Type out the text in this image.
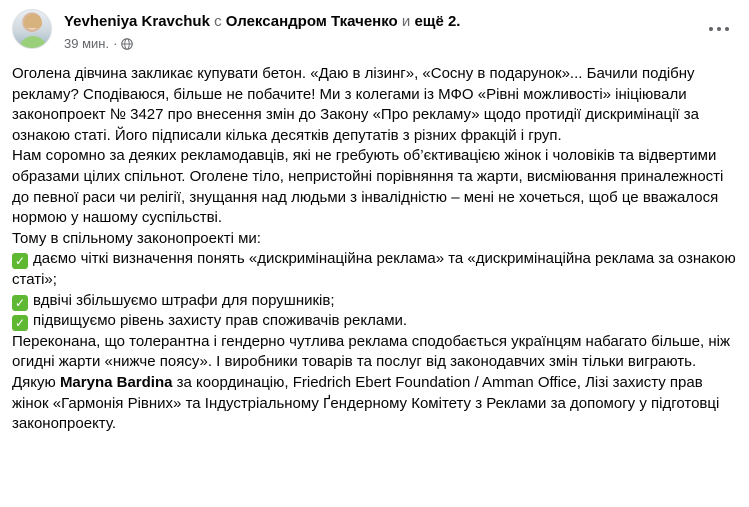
Yevheniya Kravchuk с Олександром Ткаченко и ещё 2.
39 мин. ·

Оголена дівчина закликає купувати бетон. «Даю в лізинг», «Сосну в подарунок»... Бачили подібну рекламу? Сподіваюся, більше не побачите! Ми з колегами із МФО «Рівні можливості» ініціювали законопроект № 3427 про внесення змін до Закону «Про рекламу» щодо протидії дискримінації за ознакою статі. Його підписали кілька десятків депутатів з різних фракцій і груп.

Нам соромно за деяких рекламодавців, які не гребують об’єктивацією жінок і чоловіків та відвертими образами цілих спільнот. Оголене тіло, непристойні порівняння та жарти, висміювання приналежності до певної раси чи релігії, знущання над людьми з інвалідністю – мені не хочеться, щоб це вважалося нормою у нашому суспільстві.

Тому в спільному законопроекті ми:

✓ даємо чіткі визначення понять «дискримінаційна реклама» та «дискримінаційна реклама за ознакою статі»;

✓ вдвічі збільшуємо штрафи для порушників;

✓ підвищуємо рівень захисту прав споживачів реклами.

Переконана, що толерантна і гендерно чутлива реклама сподобається українцям набагато більше, ніж огидні жарти «нижче поясу». І виробники товарів та послуг від законодавчих змін тільки виграють.

Дякую Maryna Bardina за координацію, Friedrich Ebert Foundation / Amman Office, Лізі захисту прав жінок «Гармонія Рівних» та Індустріальному Ґендерному Комітету з Реклами за допомогу у підготовці законопроекту.
